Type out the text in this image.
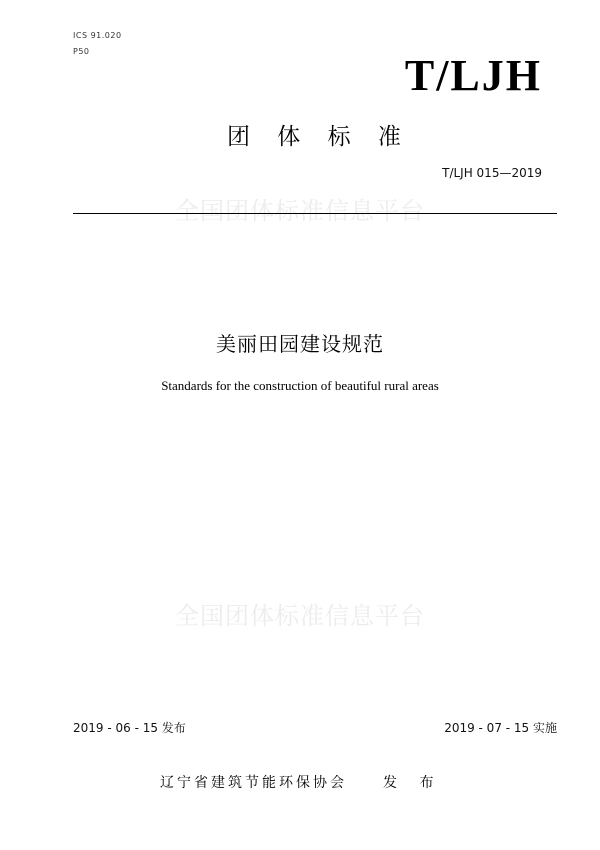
ICS 91.020
P50	T/LJH
团 体 标 准
T/LJH 015—2019
全国团体标准信息平台
美丽田园建设规范
Standards for the construction of beautiful rural areas
全国团体标准信息平台
2019 - 06 - 15 发布	2019 - 07 - 15 实施
辽宁省建筑节能环保协会	发 布
